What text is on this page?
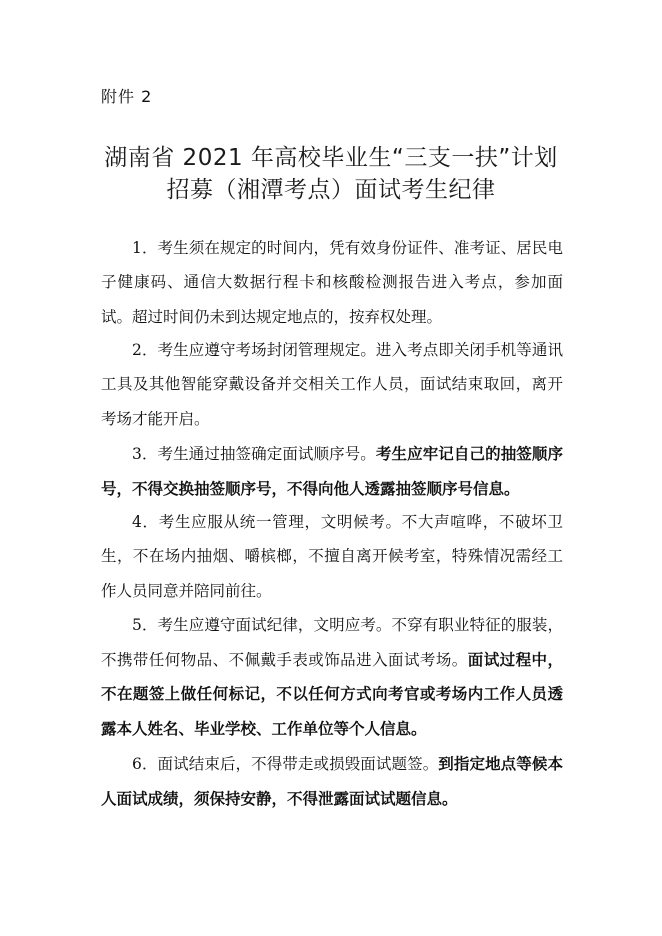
附件 2
湖南省 2021 年高校毕业生“三支一扶”计划
招募（湘潭考点）面试考生纪律

1．考生须在规定的时间内，凭有效身份证件、准考证、居民电子健康码、通信大数据行程卡和核酸检测报告进入考点，参加面试。超过时间仍未到达规定地点的，按弃权处理。

2．考生应遵守考场封闭管理规定。进入考点即关闭手机等通讯工具及其他智能穿戴设备并交相关工作人员，面试结束取回，离开考场才能开启。

3．考生通过抽签确定面试顺序号。考生应牢记自己的抽签顺序号，不得交换抽签顺序号，不得向他人透露抽签顺序号信息。

4．考生应服从统一管理，文明候考。不大声喧哗，不破坏卫生，不在场内抽烟、嚼槟榔，不擅自离开候考室，特殊情况需经工作人员同意并陪同前往。

5．考生应遵守面试纪律，文明应考。不穿有职业特征的服装，不携带任何物品、不佩戴手表或饰品进入面试考场。面试过程中，不在题签上做任何标记，不以任何方式向考官或考场内工作人员透露本人姓名、毕业学校、工作单位等个人信息。

6．面试结束后，不得带走或损毁面试题签。到指定地点等候本人面试成绩，须保持安静，不得泄露面试试题信息。
